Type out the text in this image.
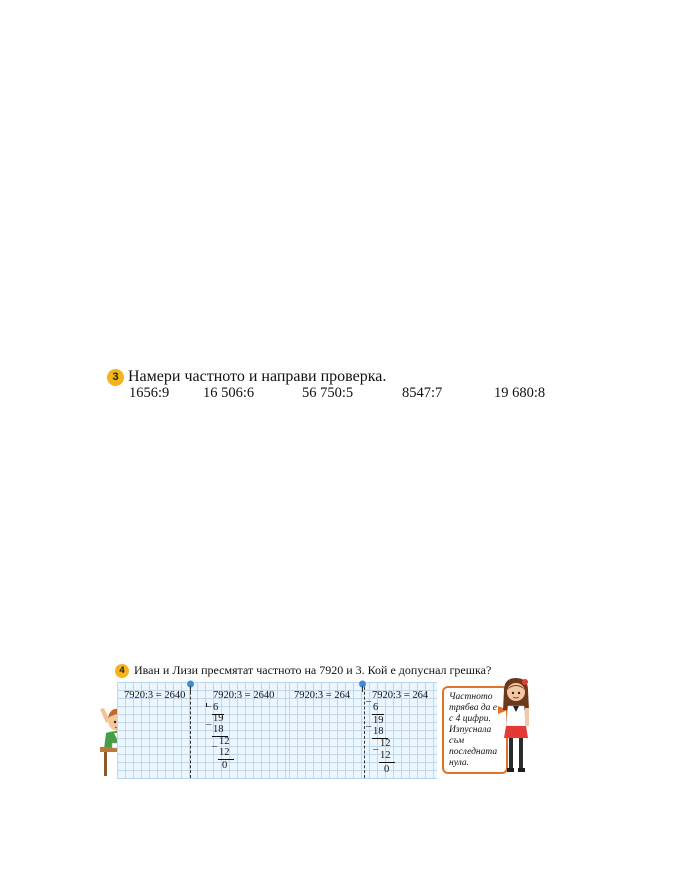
3 Намери частното и направи проверка.
1656:9 16 506:6	56 750:5	8547:7	19 680:8
4 Иван и Лизи пресмятат частното на 7920 и 3. Кой е допуснал грешка?
7920:3 = 2640	7920:3 = 2640
– 6
19
– 18
12
–
12
0
7920:3 = 264 7920:3 = 264
–
6
19
– 18
12
–
12
0
Частното трябва да е с 4 цифри. Изпуснала съм последната нула.
